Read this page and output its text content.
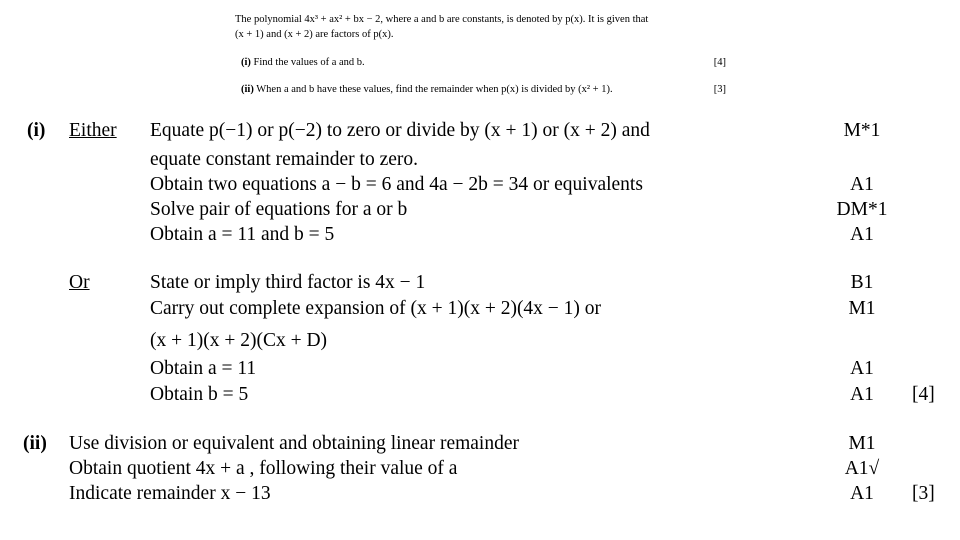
The polynomial 4x³ + ax² + bx − 2, where a and b are constants, is denoted by p(x). It is given that
(x + 1) and (x + 2) are factors of p(x).
(i) Find the values of a and b.	[4]
(ii) When a and b have these values, find the remainder when p(x) is divided by (x² + 1).	[3]
(i) Either Equate p(−1) or p(−2) to zero or divide by (x + 1) or (x + 2) and	M*1
equate constant remainder to zero.
Obtain two equations a − b = 6 and 4a − 2b = 34 or equivalents	A1
Solve pair of equations for a or b	DM*1
Obtain a = 11 and b = 5	A1
Or	State or imply third factor is 4x − 1	B1
Carry out complete expansion of (x + 1)(x + 2)(4x − 1) or	M1
(x + 1)(x + 2)(Cx + D)
Obtain a = 11	A1
Obtain b = 5	A1	[4]
(ii) Use division or equivalent and obtaining linear remainder	M1
Obtain quotient 4x + a , following their value of a	A1√
Indicate remainder x − 13	A1	[3]
